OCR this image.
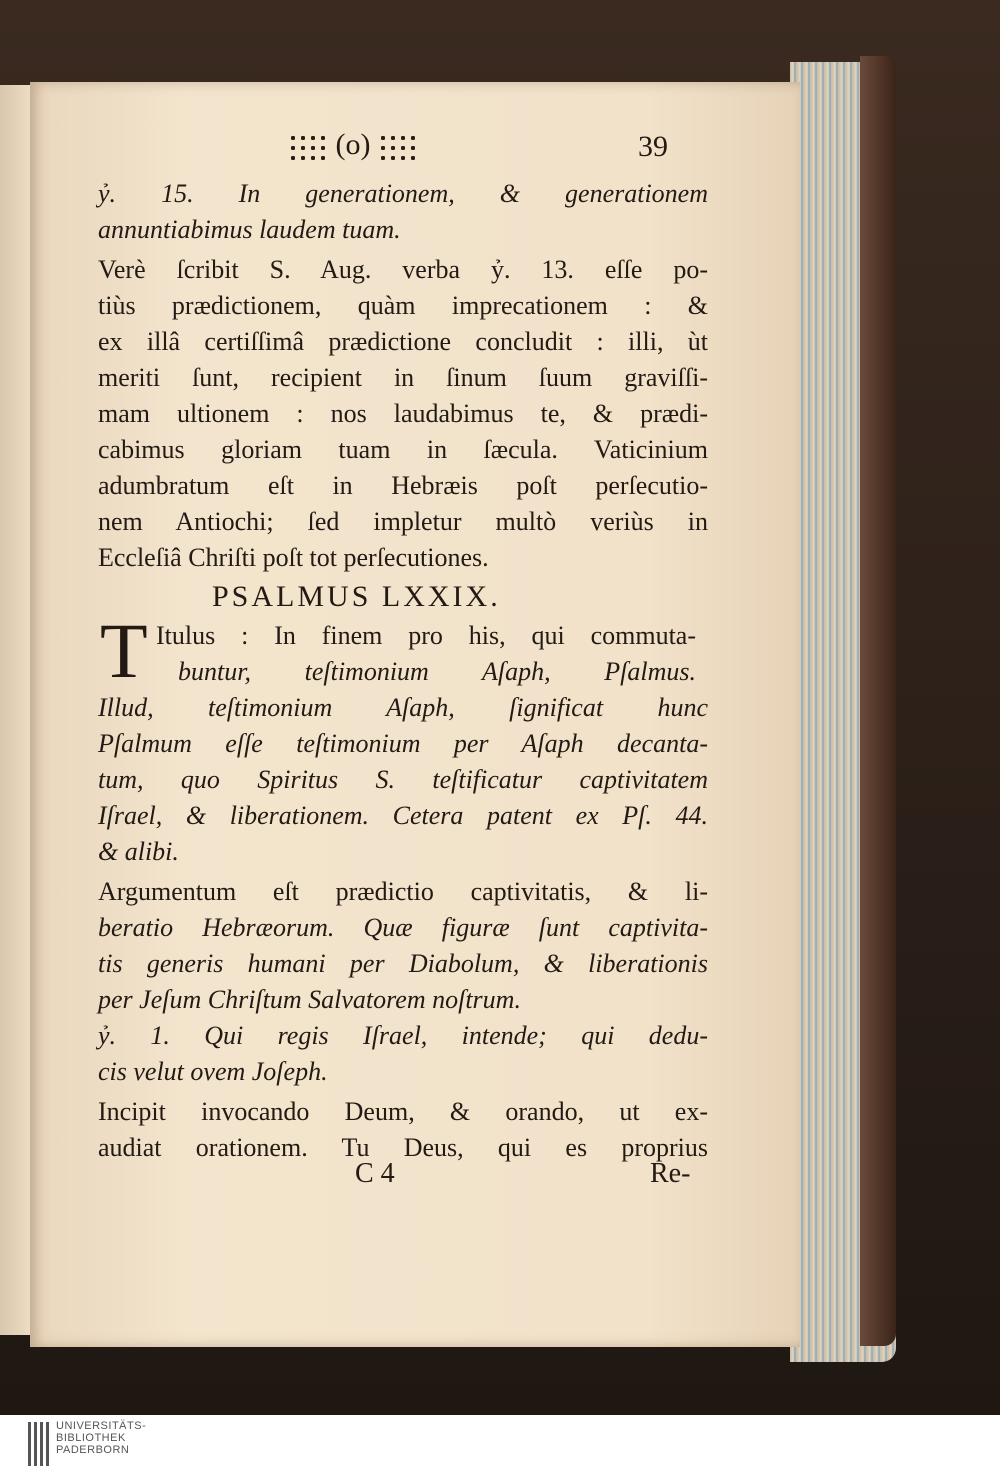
(o)	39
ỷ. 15. In generationem, & generationem
annuntiabimus laudem tuam.
Verè ſcribit S. Aug. verba ỷ. 13. eſſe po-
tiùs prædictionem, quàm imprecationem : &
ex illâ certiſſimâ prædictione concludit : illi, ùt
meriti ſunt, recipient in ſinum ſuum graviſſi-
mam ultionem : nos laudabimus te, & prædi-
cabimus gloriam tuam in ſæcula. Vaticinium
adumbratum eſt in Hebræis poſt perſecutio-
nem Antiochi; ſed impletur multò veriùs in
Eccleſiâ Chriſti poſt tot perſecutiones.
PSALMUS LXXIX.
T Itulus : In finem pro his, qui commuta-
buntur, teſtimonium Aſaph, Pſalmus.
Illud, teſtimonium Aſaph, ſignificat hunc
Pſalmum eſſe teſtimonium per Aſaph decanta-
tum, quo Spiritus S. teſtificatur captivitatem
Iſrael, & liberationem. Cetera patent ex Pſ. 44.
& alibi.
Argumentum eſt prædictio captivitatis, & li-
beratio Hebræorum. Quæ figuræ ſunt captivita-
tis generis humani per Diabolum, & liberationis
per Jeſum Chriſtum Salvatorem noſtrum.
ỷ. 1. Qui regis Iſrael, intende; qui dedu-
cis velut ovem Joſeph.
Incipit invocando Deum, & orando, ut ex-
audiat orationem. Tu Deus, qui es proprius
C 4	Re-
UNIVERSITÄTS-
BIBLIOTHEK
PADERBORN
